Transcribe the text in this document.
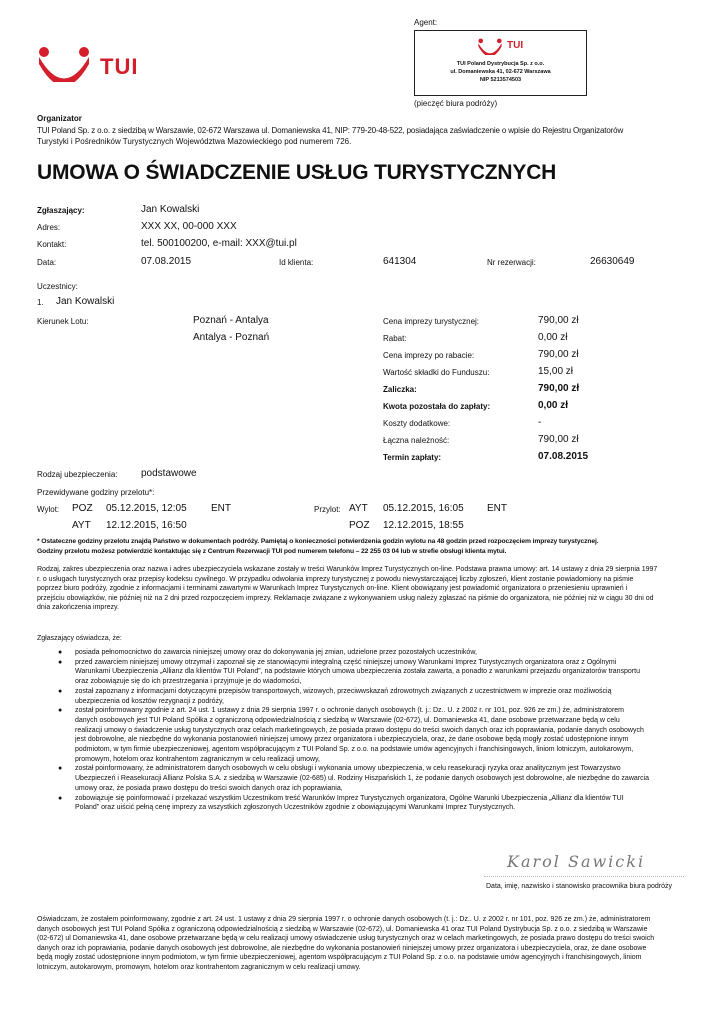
TUI
Agent:
TUI
TUI Poland Dystrybucja Sp. z o.o.
ul. Domaniewska 41, 02-672 Warszawa
NIP 5213574503
(pieczęć biura podróży)
Organizator
TUI Poland Sp. z o.o. z siedzibą w Warszawie, 02-672 Warszawa ul. Domaniewska 41, NIP: 779-20-48-522, posiadająca zaświadczenie o wpisie do Rejestru Organizatorów
Turystyki i Pośredników Turystycznych Województwa Mazowieckiego pod numerem 726.
UMOWA O ŚWIADCZENIE USŁUG TURYSTYCZNYCH
Zgłaszający:	Jan Kowalski
Adres:	XXX XX, 00-000 XXX
Kontakt:	tel. 500100200, e-mail: XXX@tui.pl
Data:	07.08.2015	Id klienta:	641304	Nr rezerwacji:	26630649
Uczestnicy:
1. Jan Kowalski
Kierunek Lotu:	Poznań - Antalya
Antalya - Poznań
Cena imprezy turystycznej:	790,00 zł
Rabat:	0,00 zł
Cena imprezy po rabacie:	790,00 zł
Wartość składki do Funduszu:	15,00 zł
Zaliczka:	790,00 zł
Kwota pozostała do zapłaty:	0,00 zł
Koszty dodatkowe:	-
Łączna należność:	790,00 zł
Termin zapłaty:	07.08.2015
Rodzaj ubezpieczenia: podstawowe
Przewidywane godziny przelotu*:
Wylot: POZ 05.12.2015, 12:05 ENT	Przylot: AYT 05.12.2015, 16:05 ENT
AYT 12.12.2015, 16:50	POZ 12.12.2015, 18:55
* Ostateczne godziny przelotu znajdą Państwo w dokumentach podróży. Pamiętaj o konieczności potwierdzenia godzin wylotu na 48 godzin przed rozpoczęciem imprezy turystycznej.
Godziny przelotu możesz potwierdzić kontaktując się z Centrum Rezerwacji TUI pod numerem telefonu – 22 255 03 04 lub w strefie obsługi klienta mytui.
Rodzaj, zakres ubezpieczenia oraz nazwa i adres ubezpieczyciela wskazane zostały w treści Warunków Imprez Turystycznych on-line. Podstawa prawna umowy: art. 14 ustawy z dnia 29 sierpnia 1997
r. o usługach turystycznych oraz przepisy kodeksu cywilnego. W przypadku odwołania imprezy turystycznej z powodu niewystarczającej liczby zgłoszeń, klient zostanie powiadomiony na piśmie
poprzez biuro podróży, zgodnie z informacjami i terminami zawartymi w Warunkach Imprez Turystycznych on-line. Klient obowiązany jest powiadomić organizatora o przeniesieniu uprawnień i
przejściu obowiązków, nie później niż na 2 dni przed rozpoczęciem imprezy. Reklamacje związane z wykonywaniem usług należy zgłaszać na piśmie do organizatora, nie później niż w ciągu 30 dni od
dnia zakończenia imprezy.
Zgłaszający oświadcza, że:
● posiada pełnomocnictwo do zawarcia niniejszej umowy oraz do dokonywania jej zmian, udzielone przez pozostałych uczestników,
● przed zawarciem niniejszej umowy otrzymał i zapoznał się ze stanowiącymi integralną część niniejszej umowy Warunkami Imprez Turystycznych organizatora oraz z Ogólnymi
Warunkami Ubezpieczenia „Allianz dla klientów TUI Poland”, na podstawie których umowa ubezpieczenia została zawarta, a ponadto z warunkami przejazdu organizatorów transportu
oraz zobowiązuje się do ich przestrzegania i przyjmuje je do wiadomości,
● został zapoznany z informacjami dotyczącymi przepisów transportowych, wizowych, przeciwwskazań zdrowotnych związanych z uczestnictwem w imprezie oraz możliwością
ubezpieczenia od kosztów rezygnacji z podróży,
● został poinformowany zgodnie z art. 24 ust. 1 ustawy z dnia 29 sierpnia 1997 r. o ochronie danych osobowych (t. j.: Dz.. U. z 2002 r. nr 101, poz. 926 ze zm.) że, administratorem
danych osobowych jest TUI Poland Spółka z ograniczoną odpowiedzialnością z siedzibą w Warszawie (02-672), ul. Domaniewska 41, dane osobowe przetwarzane będą w celu
realizacji umowy o świadczenie usług turystycznych oraz celach marketingowych, że posiada prawo dostępu do treści swoich danych oraz ich poprawiania, podanie danych osobowych
jest dobrowolne, ale niezbędne do wykonania postanowień niniejszej umowy przez organizatora i ubezpieczyciela, oraz, że dane osobowe będą mogły zostać udostępnione innym
podmiotom, w tym firmie ubezpieczeniowej, agentom współpracującym z TUI Poland Sp. z o.o. na podstawie umów agencyjnych i franchisingowych, liniom lotniczym, autokarowym,
promowym, hotelom oraz kontrahentom zagranicznym w celu realizacji umowy,
● został poinformowany, że administratorem danych osobowych w celu obsługi i wykonania umowy ubezpieczenia, w celu reasekuracji ryzyka oraz analitycznym jest Towarzystwo
Ubezpieczeń i Reasekuracji Allianz Polska S.A. z siedzibą w Warszawie (02-685) ul. Rodziny Hiszpańskich 1, że podanie danych osobowych jest dobrowolne, ale niezbędne do zawarcia
umowy oraz, że posiada prawo dostępu do treści swoich danych oraz ich poprawiania,
● zobowiązuje się poinformować i przekazać wszystkim Uczestnikom treść Warunków Imprez Turystycznych organizatora, Ogólne Warunki Ubezpieczenia „Allianz dla klientów TUI
Poland” oraz uiścić pełną cenę imprezy za wszystkich zgłoszonych Uczestników zgodnie z obowiązującymi Warunkami Imprez Turystycznych.
Karol Sawicki
Data, imię, nazwisko i stanowisko pracownika biura podróży
Oświadczam, że zostałem poinformowany, zgodnie z art. 24 ust. 1 ustawy z dnia 29 sierpnia 1997 r. o ochronie danych osobowych (t. j.: Dz.. U. z 2002 r. nr 101, poz. 926 ze zm.) że, administratorem
danych osobowych jest TUI Poland Spółka z ograniczoną odpowiedzialnością z siedzibą w Warszawie (02-672), ul. Domaniewska 41 oraz TUI Poland Dystrybucja Sp. z o.o. z siedzibą w Warszawie
(02-672) ul Domaniewska 41, dane osobowe przetwarzane będą w celu realizacji umowy oświadczenie usług turystycznych oraz w celach marketingowych, że posiada prawo dostępu do treści swoich
danych oraz ich poprawiania, podanie danych osobowych jest dobrowolne, ale niezbędne do wykonania postanowień niniejszej umowy przez organizatora i ubezpieczyciela, oraz, że dane osobowe
będą mogły zostać udostępnione innym podmiotom, w tym firmie ubezpieczeniowej, agentom współpracującym z TUI Poland Sp. z o.o. na podstawie umów agencyjnych i franchisingowych, liniom
lotniczym, autokarowym, promowym, hotelom oraz kontrahentom zagranicznym w celu realizacji umowy.
